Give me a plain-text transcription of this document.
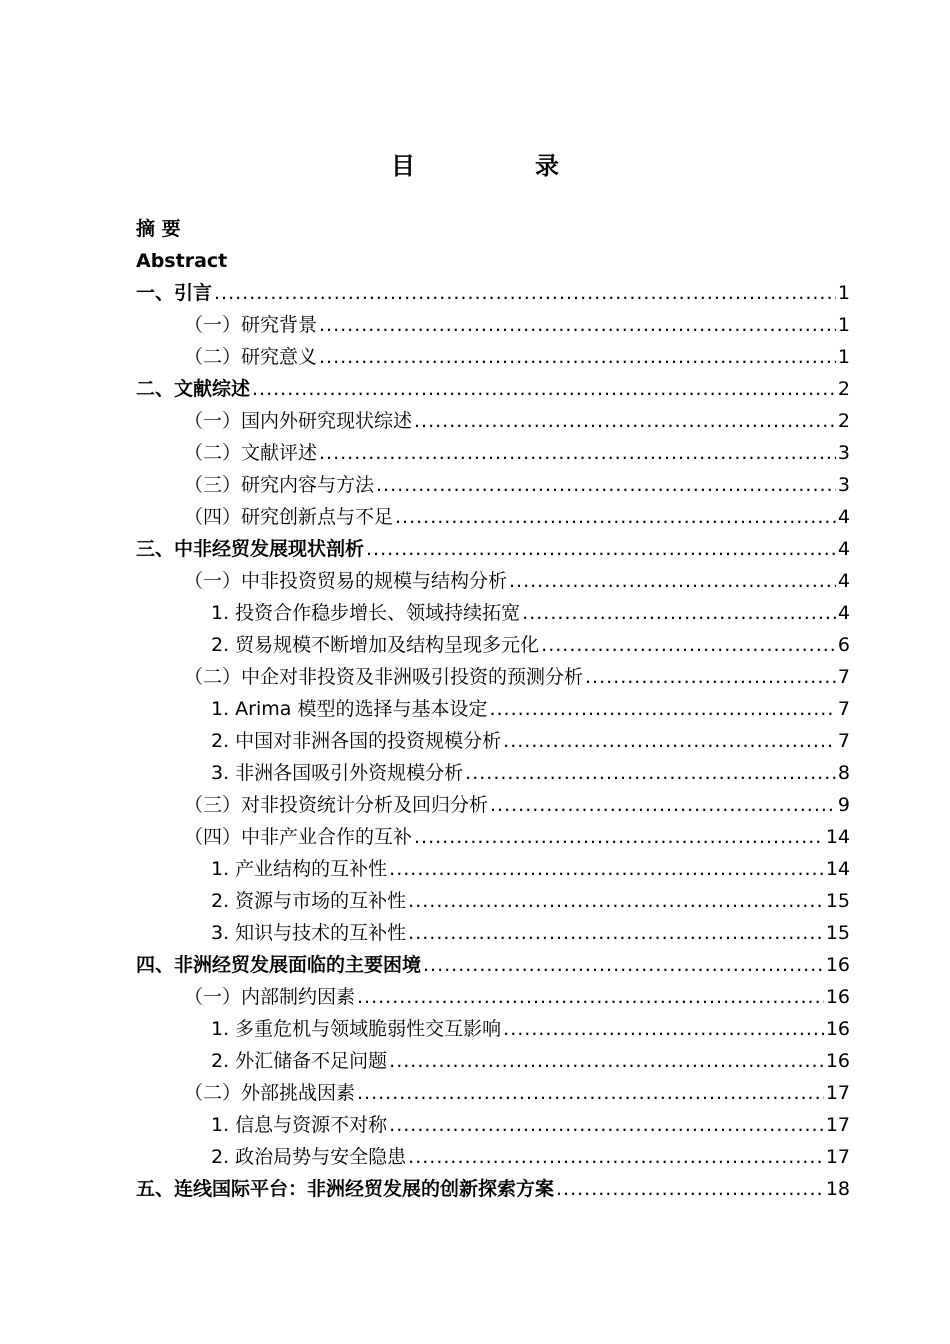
目　录
摘 要
Abstract
一、引言 .....	1
（一）研究背景 .....	1
（二）研究意义 .....	1
二、文献综述 .....	2
（一）国内外研究现状综述 .....	2
（二）文献评述 .....	3
（三）研究内容与方法 .....	3
（四）研究创新点与不足 .....	4
三、中非经贸发展现状剖析 .....	4
（一）中非投资贸易的规模与结构分析 .....	4
1. 投资合作稳步增长、领域持续拓宽 .....	4
2. 贸易规模不断增加及结构呈现多元化 .....	6
（二）中企对非投资及非洲吸引投资的预测分析 .....	7
1. Arima 模型的选择与基本设定 .....	7
2. 中国对非洲各国的投资规模分析 .....	7
3. 非洲各国吸引外资规模分析 .....	8
（三）对非投资统计分析及回归分析 .....	9
（四）中非产业合作的互补 .....	14
1. 产业结构的互补性 .....	14
2. 资源与市场的互补性 .....	15
3. 知识与技术的互补性 .....	15
四、非洲经贸发展面临的主要困境 .....	16
（一）内部制约因素 .....	16
1. 多重危机与领域脆弱性交互影响 .....	16
2. 外汇储备不足问题 .....	16
（二）外部挑战因素 .....	17
1. 信息与资源不对称 .....	17
2. 政治局势与安全隐患 .....	17
五、连线国际平台：非洲经贸发展的创新探索方案 .....	18
